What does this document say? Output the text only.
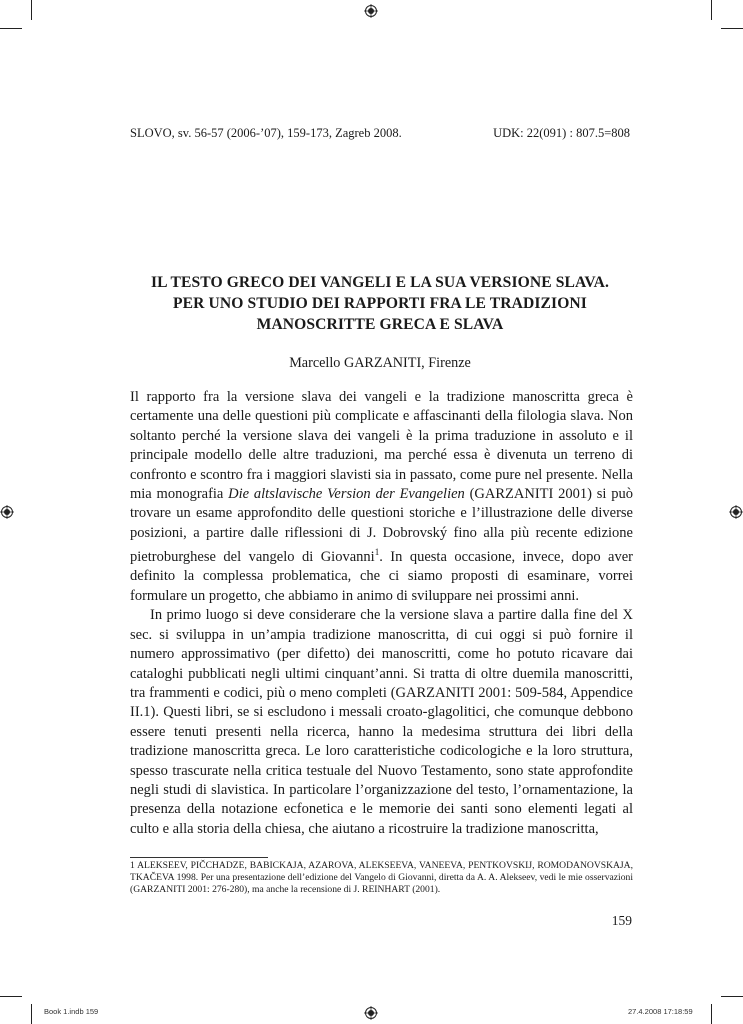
SLOVO, sv. 56-57 (2006-’07), 159-173, Zagreb 2008.	UDK: 22(091) : 807.5=808
IL TESTO GRECO DEI VANGELI E LA SUA VERSIONE SLAVA.
PER UNO STUDIO DEI RAPPORTI FRA LE TRADIZIONI
MANOSCRITTE GRECA E SLAVA
Marcello GARZANITI, Firenze

Il rapporto fra la versione slava dei vangeli e la tradizione manoscritta greca è certamente una delle questioni più complicate e affascinanti della filologia slava. Non soltanto perché la versione slava dei vangeli è la prima traduzione in assoluto e il principale modello delle altre traduzioni, ma perché essa è divenuta un terreno di confronto e scontro fra i maggiori slavisti sia in passato, come pure nel presente. Nella mia monografia Die altslavische Version der Evangelien (GARZANITI 2001) si può trovare un esame approfondito delle questioni storiche e l’illustrazione delle diverse posizioni, a partire dalle riflessioni di J. Dobrovský fino alla più recente edizione pietroburghese del vangelo di Giovanni$^1$. In questa occasione, invece, dopo aver definito la complessa problematica, che ci siamo proposti di esaminare, vorrei formulare un progetto, che abbiamo in animo di sviluppare nei prossimi anni.

In primo luogo si deve considerare che la versione slava a partire dalla fine del X sec. si sviluppa in un’ampia tradizione manoscritta, di cui oggi si può fornire il numero approssimativo (per difetto) dei manoscritti, come ho potuto ricavare dai cataloghi pubblicati negli ultimi cinquant’anni. Si tratta di oltre duemila manoscritti, tra frammenti e codici, più o meno completi (GARZANITI 2001: 509-584, Appendice II.1). Questi libri, se si escludono i messali croato-glagolitici, che comunque debbono essere tenuti presenti nella ricerca, hanno la medesima struttura dei libri della tradizione manoscritta greca. Le loro caratteristiche codicologiche e la loro struttura, spesso trascurate nella critica testuale del Nuovo Testamento, sono state approfondite negli studi di slavistica. In particolare l’organizzazione del testo, l’ornamentazione, la presenza della notazione ecfonetica e le memorie dei santi sono elementi legati al culto e alla storia della chiesa, che aiutano a ricostruire la tradizione manoscritta,

1 ALEKSEEV, PIČCHADZE, BABICKAJA, AZAROVA, ALEKSEEVA, VANEEVA, PENTKOVSKIJ, ROMODANOVSKAJA, TKAČEVA 1998. Per una presentazione dell’edizione del Vangelo di Giovanni, diretta da A. A. Alekseev, vedi le mie osservazioni (GARZANITI 2001: 276-280), ma anche la recensione di J. REINHART (2001).
159
Book 1.indb 159	27.4.2008 17:18:59
